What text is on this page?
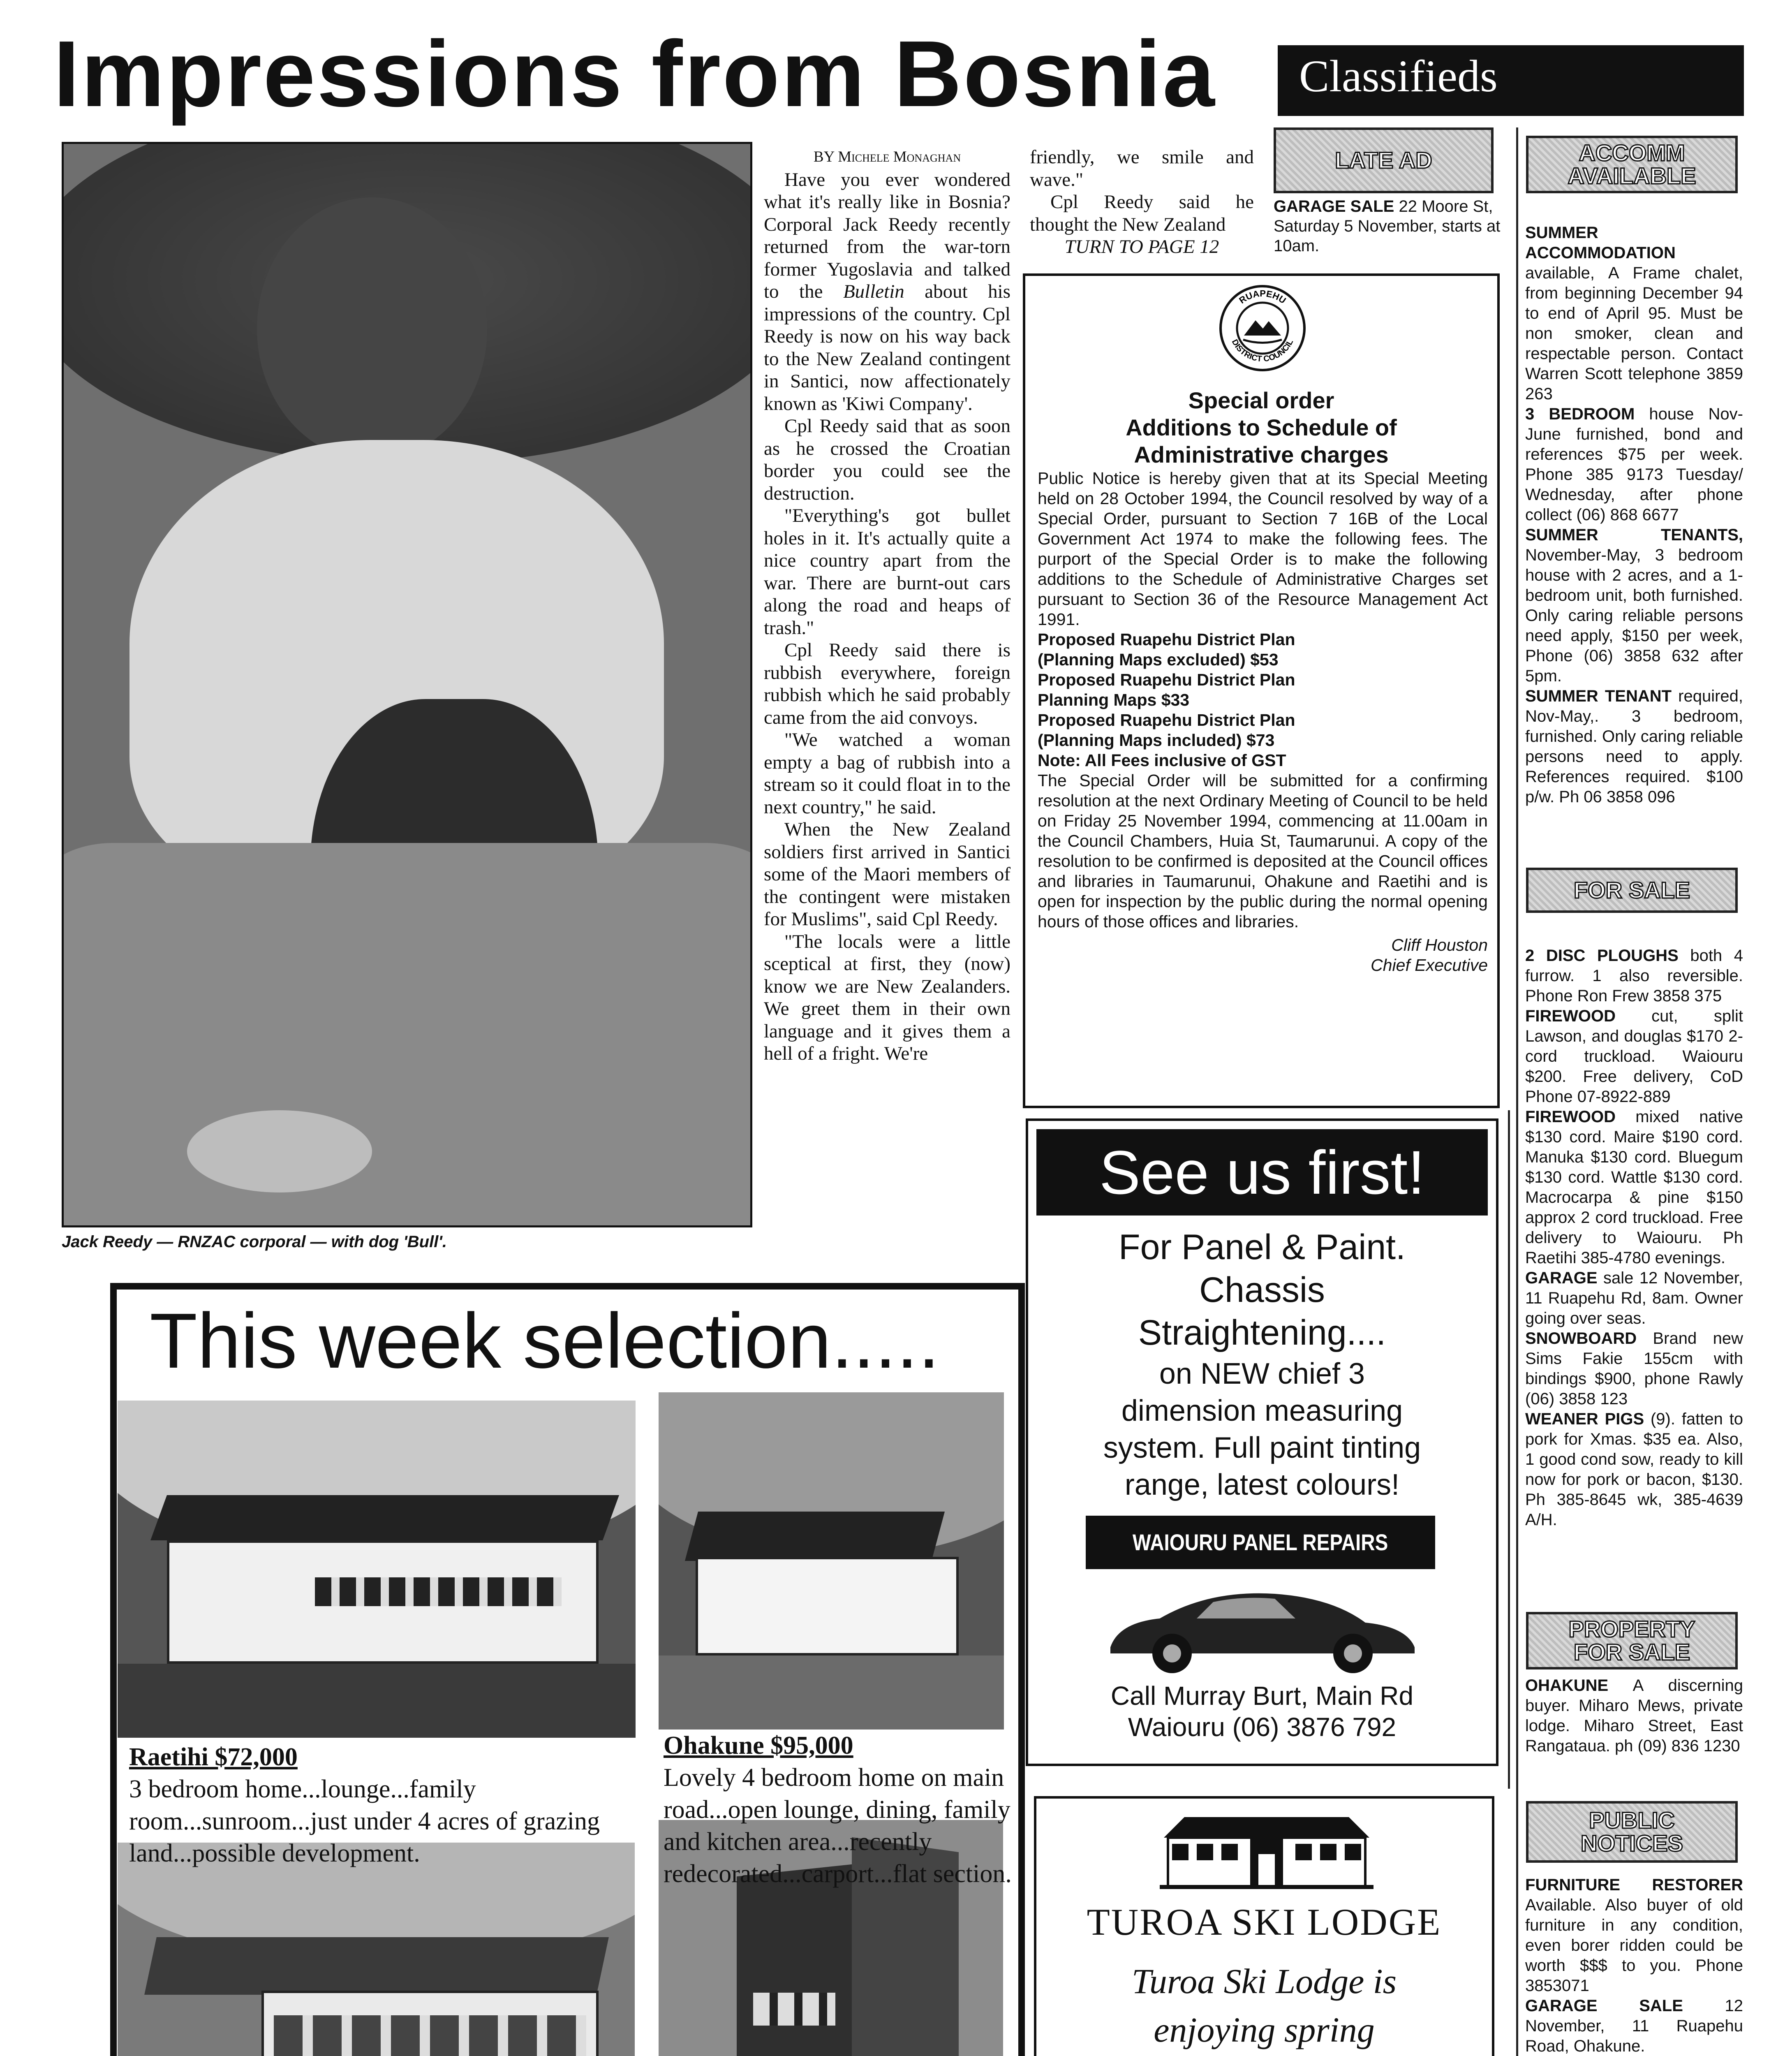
Impressions from Bosnia Classifieds
Jack Reedy — RNZAC corporal — with dog 'Bull'.

BY Michele Monaghan

Have you ever wondered what it's really like in Bosnia? Corporal Jack Reedy recently returned from the war-torn former Yugoslavia and talked to the Bulletin about his impressions of the country. Cpl Reedy is now on his way back to the New Zealand contingent in Santici, now affectionately known as 'Kiwi Company'.

Cpl Reedy said that as soon as he crossed the Croatian border you could see the destruction.

"Everything's got bullet holes in it. It's actually quite a nice country apart from the war. There are burnt-out cars along the road and heaps of trash."

Cpl Reedy said there is rubbish everywhere, foreign rubbish which he said probably came from the aid convoys.

"We watched a woman empty a bag of rubbish into a stream so it could float in to the next country," he said.

When the New Zealand soldiers first arrived in Santici some of the Maori members of the contingent were mistaken for Muslims", said Cpl Reedy.

"The locals were a little sceptical at first, they (now) know we are New Zealanders. We greet them in their own language and it gives them a hell of a fright. We're

friendly, we smile and wave."

Cpl Reedy said he thought the New Zealand

TURN TO PAGE 12

LATE AD
GARAGE SALE 22 Moore St, Saturday 5 November, starts at 10am.
RUAPEHU
DISTRICT COUNCIL

Special order

Additions to Schedule of

Administrative charges

Public Notice is hereby given that at its Special Meeting held on 28 October 1994, the Council resolved by way of a Special Order, pursuant to Section 7 16B of the Local Government Act 1974 to make the following fees. The purport of the Special Order is to make the following additions to the Schedule of Administrative Charges set pursuant to Section 36 of the Resource Management Act 1991.

Proposed Ruapehu District Plan

(Planning Maps excluded) $53

Proposed Ruapehu District Plan

Planning Maps $33

Proposed Ruapehu District Plan

(Planning Maps included) $73

Note: All Fees inclusive of GST

The Special Order will be submitted for a confirming resolution at the next Ordinary Meeting of Council to be held on Friday 25 November 1994, commencing at 11.00am in the Council Chambers, Huia St, Taumarunui. A copy of the resolution to be confirmed is deposited at the Council offices and libraries in Taumarunui, Ohakune and Raetihi and is open for inspection by the public during the normal opening hours of those offices and libraries.

Cliff Houston

Chief Executive

See us first!

For Panel & Paint.

Chassis

Straightening....

on NEW chief 3

dimension measuring

system. Full paint tinting

range, latest colours!

WAIOURU PANEL REPAIRS

Call Murray Burt, Main Rd

Waiouru (06) 3876 792

TUROA SKI LODGE

Turoa Ski Lodge is

enjoying spring

This week selection.....
Raetihi $72,000
3 bedroom home...lounge...family room...sunroom...just under 4 acres of grazing land...possible development.
Ohakune $95,000
Lovely 4 bedroom home on main road...open lounge, dining, family and kitchen area...recently redecorated...carport...flat section.

ACCOMM AVAILABLE
SUMMER ACCOMMODATION available, A Frame chalet, from beginning December 94 to end of April 95. Must be non smoker, clean and respectable person. Contact Warren Scott telephone 3859 263
3 BEDROOM house Nov-June furnished, bond and references $75 per week. Phone 385 9173 Tuesday/ Wednesday, after phone collect (06) 868 6677
SUMMER TENANTS, November-May, 3 bedroom house with 2 acres, and a 1-bedroom unit, both furnished. Only caring reliable persons need apply, $150 per week, Phone (06) 3858 632 after 5pm.
SUMMER TENANT required, Nov-May,. 3 bedroom, furnished. Only caring reliable persons need to apply. References required. $100 p/w. Ph 06 3858 096
FOR SALE
2 DISC PLOUGHS both 4 furrow. 1 also reversible. Phone Ron Frew 3858 375
FIREWOOD cut, split Lawson, and douglas $170 2-cord truckload. Waiouru $200. Free delivery, CoD Phone 07-8922-889
FIREWOOD mixed native $130 cord. Maire $190 cord. Manuka $130 cord. Bluegum $130 cord. Wattle $130 cord. Macrocarpa & pine $150 approx 2 cord truckload. Free delivery to Waiouru. Ph Raetihi 385-4780 evenings.
GARAGE sale 12 November, 11 Ruapehu Rd, 8am. Owner going over seas.
SNOWBOARD Brand new Sims Fakie 155cm with bindings $900, phone Rawly (06) 3858 123
WEANER PIGS (9). fatten to pork for Xmas. $35 ea. Also, 1 good cond sow, ready to kill now for pork or bacon, $130. Ph 385-8645 wk, 385-4639 A/H.
PROPERTY FOR SALE
OHAKUNE A discerning buyer. Miharo Mews, private lodge. Miharo Street, East Rangataua. ph (09) 836 1230
PUBLIC NOTICES
FURNITURE RESTORER Available. Also buyer of old furniture in any condition, even borer ridden could be worth $$$ to you. Phone 3853071
GARAGE SALE 12 November, 11 Ruapehu Road, Ohakune.
